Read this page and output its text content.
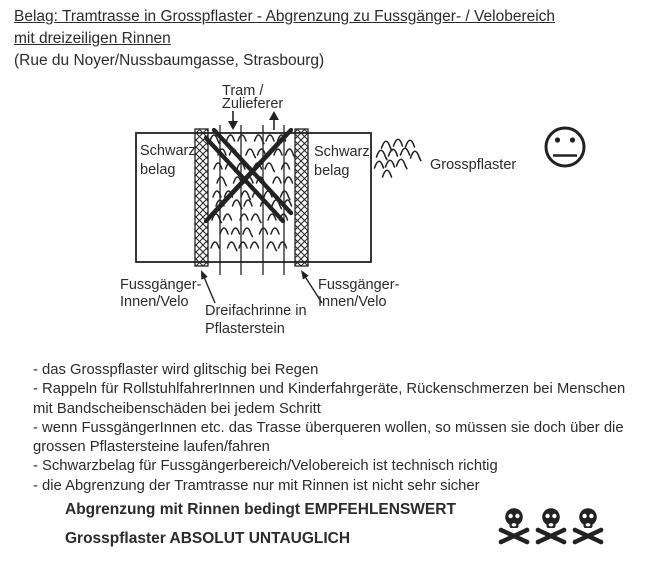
Belag: Tramtrasse in Grosspflaster - Abgrenzung zu Fussgänger- / Velobereich
mit dreizeiligen Rinnen
(Rue du Noyer/Nussbaumgasse, Strasbourg)
Tram /
Zulieferer
Schwarz
belag
Schwarz
belag	Grosspflaster
Fussgänger-
Innen/Velo
Fussgänger-
Innen/Velo
Dreifachrinne in
Pflasterstein
- das Grosspflaster wird glitschig bei Regen
- Rappeln für RollstuhlfahrerInnen und Kinderfahrgeräte, Rückenschmerzen bei Menschen mit Bandscheibenschäden bei jedem Schritt
- wenn FussgängerInnen etc. das Trasse überqueren wollen, so müssen sie doch über die grossen Pflastersteine laufen/fahren
- Schwarzbelag für Fussgängerbereich/Velobereich ist technisch richtig
- die Abgrenzung der Tramtrasse nur mit Rinnen ist nicht sehr sicher
Abgrenzung mit Rinnen bedingt EMPFEHLENSWERT
Grosspflaster ABSOLUT UNTAUGLICH
